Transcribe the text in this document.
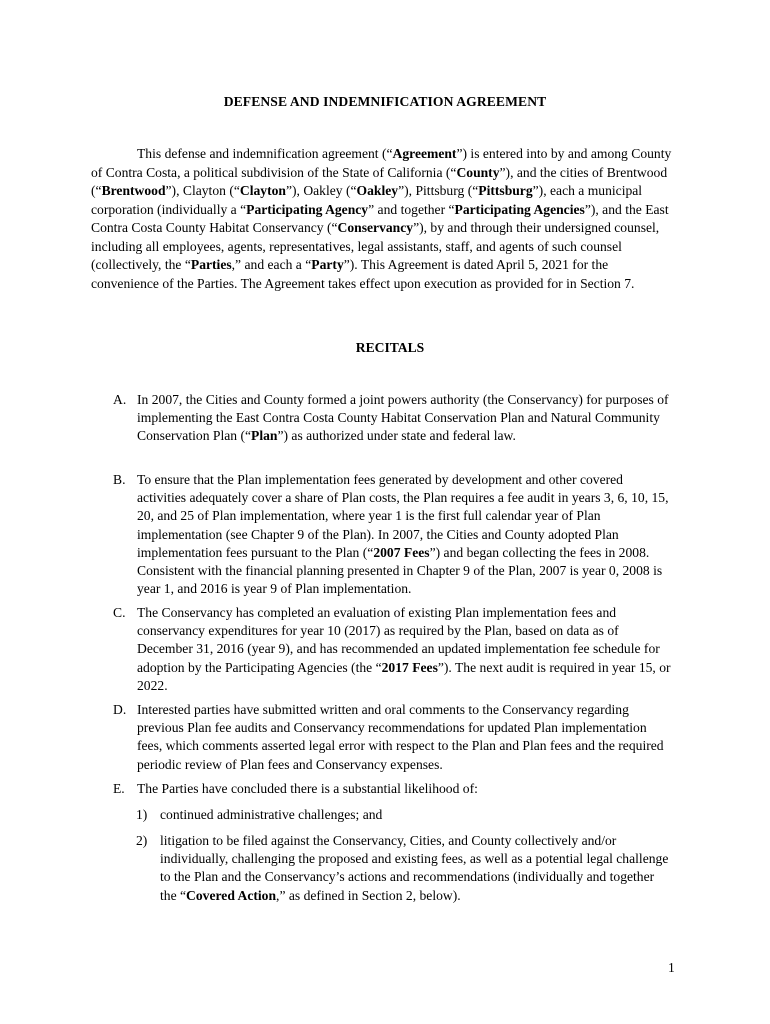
DEFENSE AND INDEMNIFICATION AGREEMENT

This defense and indemnification agreement (“Agreement”) is entered into by and among County of Contra Costa, a political subdivision of the State of California (“County”), and the cities of Brentwood (“Brentwood”), Clayton (“Clayton”), Oakley (“Oakley”), Pittsburg (“Pittsburg”), each a municipal corporation (individually a “Participating Agency” and together “Participating Agencies”), and the East Contra Costa County Habitat Conservancy (“Conservancy”), by and through their undersigned counsel, including all employees, agents, representatives, legal assistants, staff, and agents of such counsel (collectively, the “Parties,” and each a “Party”). This Agreement is dated April 5, 2021 for the convenience of the Parties. The Agreement takes effect upon execution as provided for in Section 7.

RECITALS
A. In 2007, the Cities and County formed a joint powers authority (the Conservancy) for purposes of implementing the East Contra Costa County Habitat Conservation Plan and Natural Community Conservation Plan (“Plan”) as authorized under state and federal law.
B. To ensure that the Plan implementation fees generated by development and other covered activities adequately cover a share of Plan costs, the Plan requires a fee audit in years 3, 6, 10, 15, 20, and 25 of Plan implementation, where year 1 is the first full calendar year of Plan implementation (see Chapter 9 of the Plan). In 2007, the Cities and County adopted Plan implementation fees pursuant to the Plan (“2007 Fees”) and began collecting the fees in 2008. Consistent with the financial planning presented in Chapter 9 of the Plan, 2007 is year 0, 2008 is year 1, and 2016 is year 9 of Plan implementation.
C. The Conservancy has completed an evaluation of existing Plan implementation fees and conservancy expenditures for year 10 (2017) as required by the Plan, based on data as of December 31, 2016 (year 9), and has recommended an updated implementation fee schedule for adoption by the Participating Agencies (the “2017 Fees”). The next audit is required in year 15, or 2022.
D. Interested parties have submitted written and oral comments to the Conservancy regarding previous Plan fee audits and Conservancy recommendations for updated Plan implementation fees, which comments asserted legal error with respect to the Plan and Plan fees and the required periodic review of Plan fees and Conservancy expenses.
E. The Parties have concluded there is a substantial likelihood of:
1) continued administrative challenges; and
2) litigation to be filed against the Conservancy, Cities, and County collectively and/or individually, challenging the proposed and existing fees, as well as a potential legal challenge to the Plan and the Conservancy’s actions and recommendations (individually and together the “Covered Action,” as defined in Section 2, below).
1
